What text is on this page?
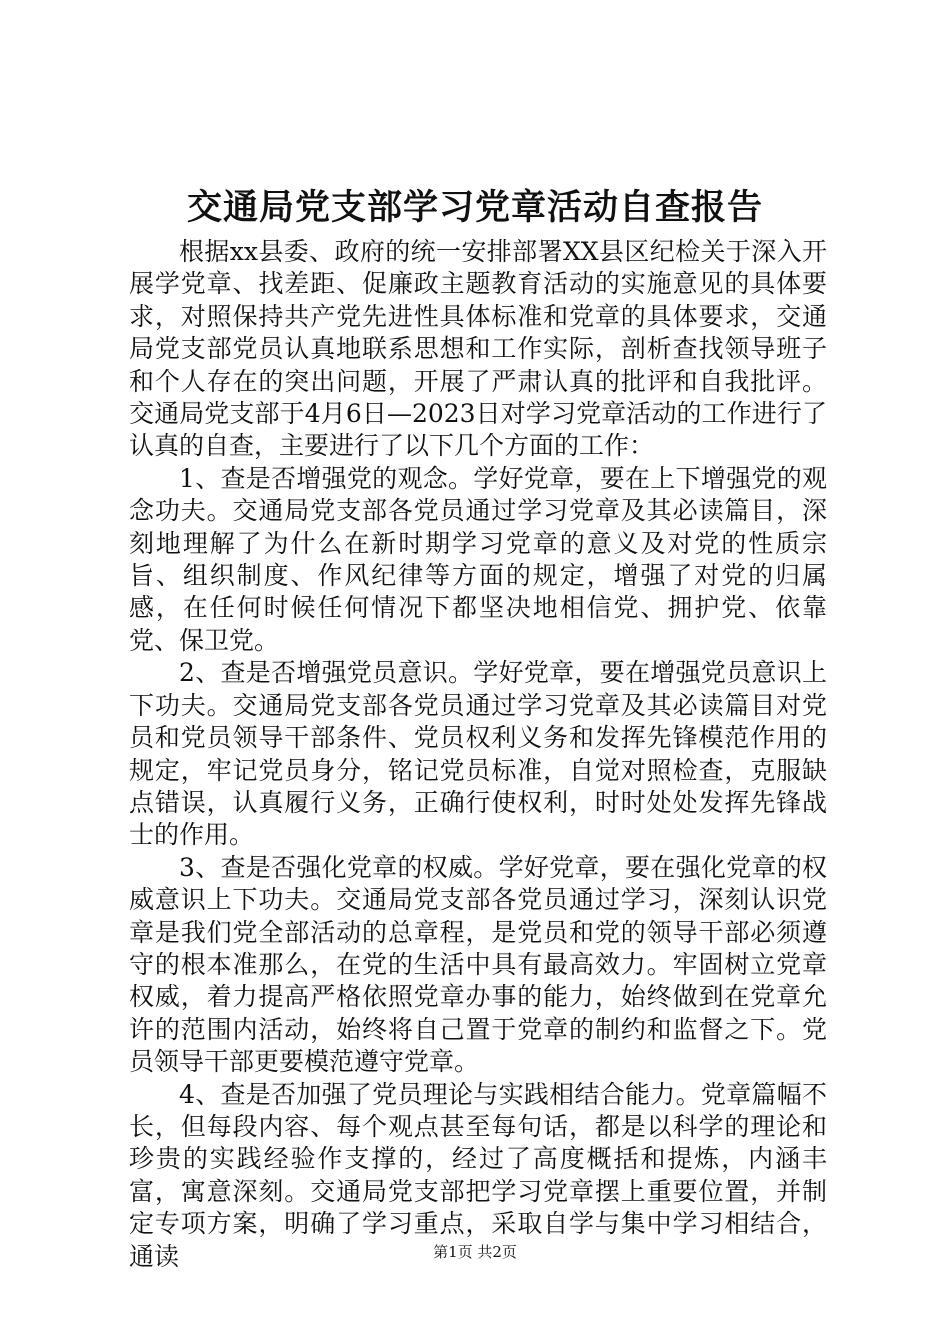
交通局党支部学习党章活动自查报告

根据xx县委、政府的统一安排部署XX县区纪检关于深入开展学党章、找差距、促廉政主题教育活动的实施意见的具体要求，对照保持共产党先进性具体标准和党章的具体要求，交通局党支部党员认真地联系思想和工作实际，剖析查找领导班子和个人存在的突出问题，开展了严肃认真的批评和自我批评。交通局党支部于4月6日—2023日对学习党章活动的工作进行了认真的自查，主要进行了以下几个方面的工作：

1、查是否增强党的观念。学好党章，要在上下增强党的观念功夫。交通局党支部各党员通过学习党章及其必读篇目，深刻地理解了为什么在新时期学习党章的意义及对党的性质宗旨、组织制度、作风纪律等方面的规定，增强了对党的归属感，在任何时候任何情况下都坚决地相信党、拥护党、依靠党、保卫党。

2、查是否增强党员意识。学好党章，要在增强党员意识上下功夫。交通局党支部各党员通过学习党章及其必读篇目对党员和党员领导干部条件、党员权利义务和发挥先锋模范作用的规定，牢记党员身分，铭记党员标准，自觉对照检查，克服缺点错误，认真履行义务，正确行使权利，时时处处发挥先锋战士的作用。

3、查是否强化党章的权威。学好党章，要在强化党章的权威意识上下功夫。交通局党支部各党员通过学习，深刻认识党章是我们党全部活动的总章程，是党员和党的领导干部必须遵守的根本准那么，在党的生活中具有最高效力。牢固树立党章权威，着力提高严格依照党章办事的能力，始终做到在党章允许的范围内活动，始终将自己置于党章的制约和监督之下。党员领导干部更要模范遵守党章。

4、查是否加强了党员理论与实践相结合能力。党章篇幅不长，但每段内容、每个观点甚至每句话，都是以科学的理论和珍贵的实践经验作支撑的，经过了高度概括和提炼，内涵丰富，寓意深刻。交通局党支部把学习党章摆上重要位置，并制定专项方案，明确了学习重点，采取自学与集中学习相结合，通读	第1页 共2页
